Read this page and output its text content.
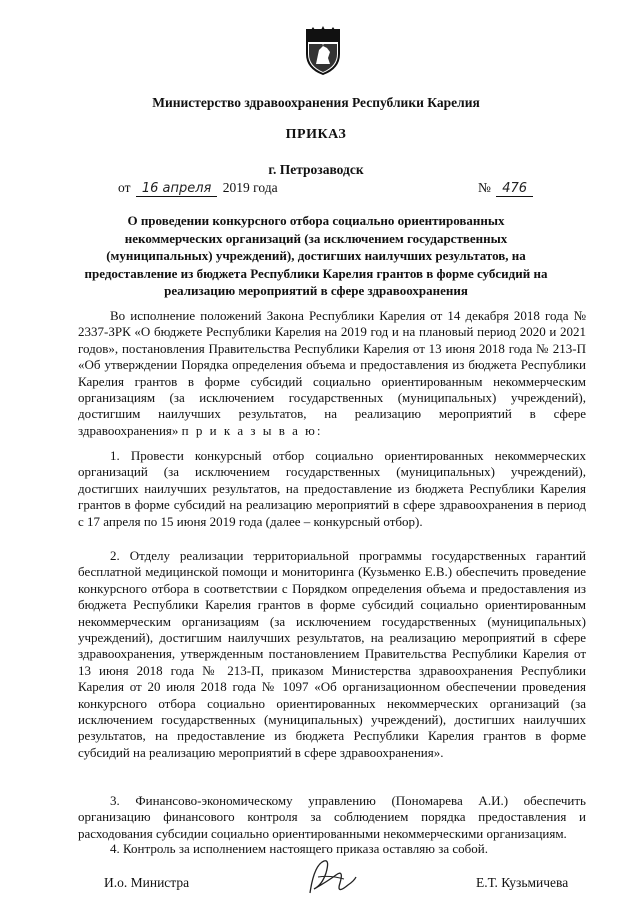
Министерство здравоохранения Республики Карелия
ПРИКАЗ
г. Петрозаводск
от 16 апреля 2019 года	№ 476
О проведении конкурсного отбора социально ориентированных некоммерческих организаций (за исключением государственных (муниципальных) учреждений), достигших наилучших результатов, на предоставление из бюджета Республики Карелия грантов в форме субсидий на реализацию мероприятий в сфере здравоохранения
Во исполнение положений Закона Республики Карелия от 14 декабря 2018 года № 2337-ЗРК «О бюджете Республики Карелия на 2019 год и на плановый период 2020 и 2021 годов», постановления Правительства Республики Карелия от 13 июня 2018 года № 213-П «Об утверждении Порядка определения объема и предоставления из бюджета Республики Карелия грантов в форме субсидий социально ориентированным некоммерческим организациям (за исключением государственных (муниципальных) учреждений), достигшим наилучших результатов, на реализацию мероприятий в сфере здравоохранения» п р и к а з ы в а ю:
1. Провести конкурсный отбор социально ориентированных некоммерческих организаций (за исключением государственных (муниципальных) учреждений), достигших наилучших результатов, на предоставление из бюджета Республики Карелия грантов в форме субсидий на реализацию мероприятий в сфере здравоохранения в период с 17 апреля по 15 июня 2019 года (далее – конкурсный отбор).
2. Отделу реализации территориальной программы государственных гарантий бесплатной медицинской помощи и мониторинга (Кузьменко Е.В.) обеспечить проведение конкурсного отбора в соответствии с Порядком определения объема и предоставления из бюджета Республики Карелия грантов в форме субсидий социально ориентированным некоммерческим организациям (за исключением государственных (муниципальных) учреждений), достигшим наилучших результатов, на реализацию мероприятий в сфере здравоохранения, утвержденным постановлением Правительства Республики Карелия от 13 июня 2018 года № 213-П, приказом Министерства здравоохранения Республики Карелия от 20 июля 2018 года № 1097 «Об организационном обеспечении проведения конкурсного отбора социально ориентированных некоммерческих организаций (за исключением государственных (муниципальных) учреждений), достигших наилучших результатов, на предоставление из бюджета Республики Карелия грантов в форме субсидий на реализацию мероприятий в сфере здравоохранения».
3. Финансово-экономическому управлению (Пономарева А.И.) обеспечить организацию финансового контроля за соблюдением порядка предоставления и расходования субсидии социально ориентированными некоммерческими организациям.
4. Контроль за исполнением настоящего приказа оставляю за собой.
И.о. Министра	Е.Т. Кузьмичева
